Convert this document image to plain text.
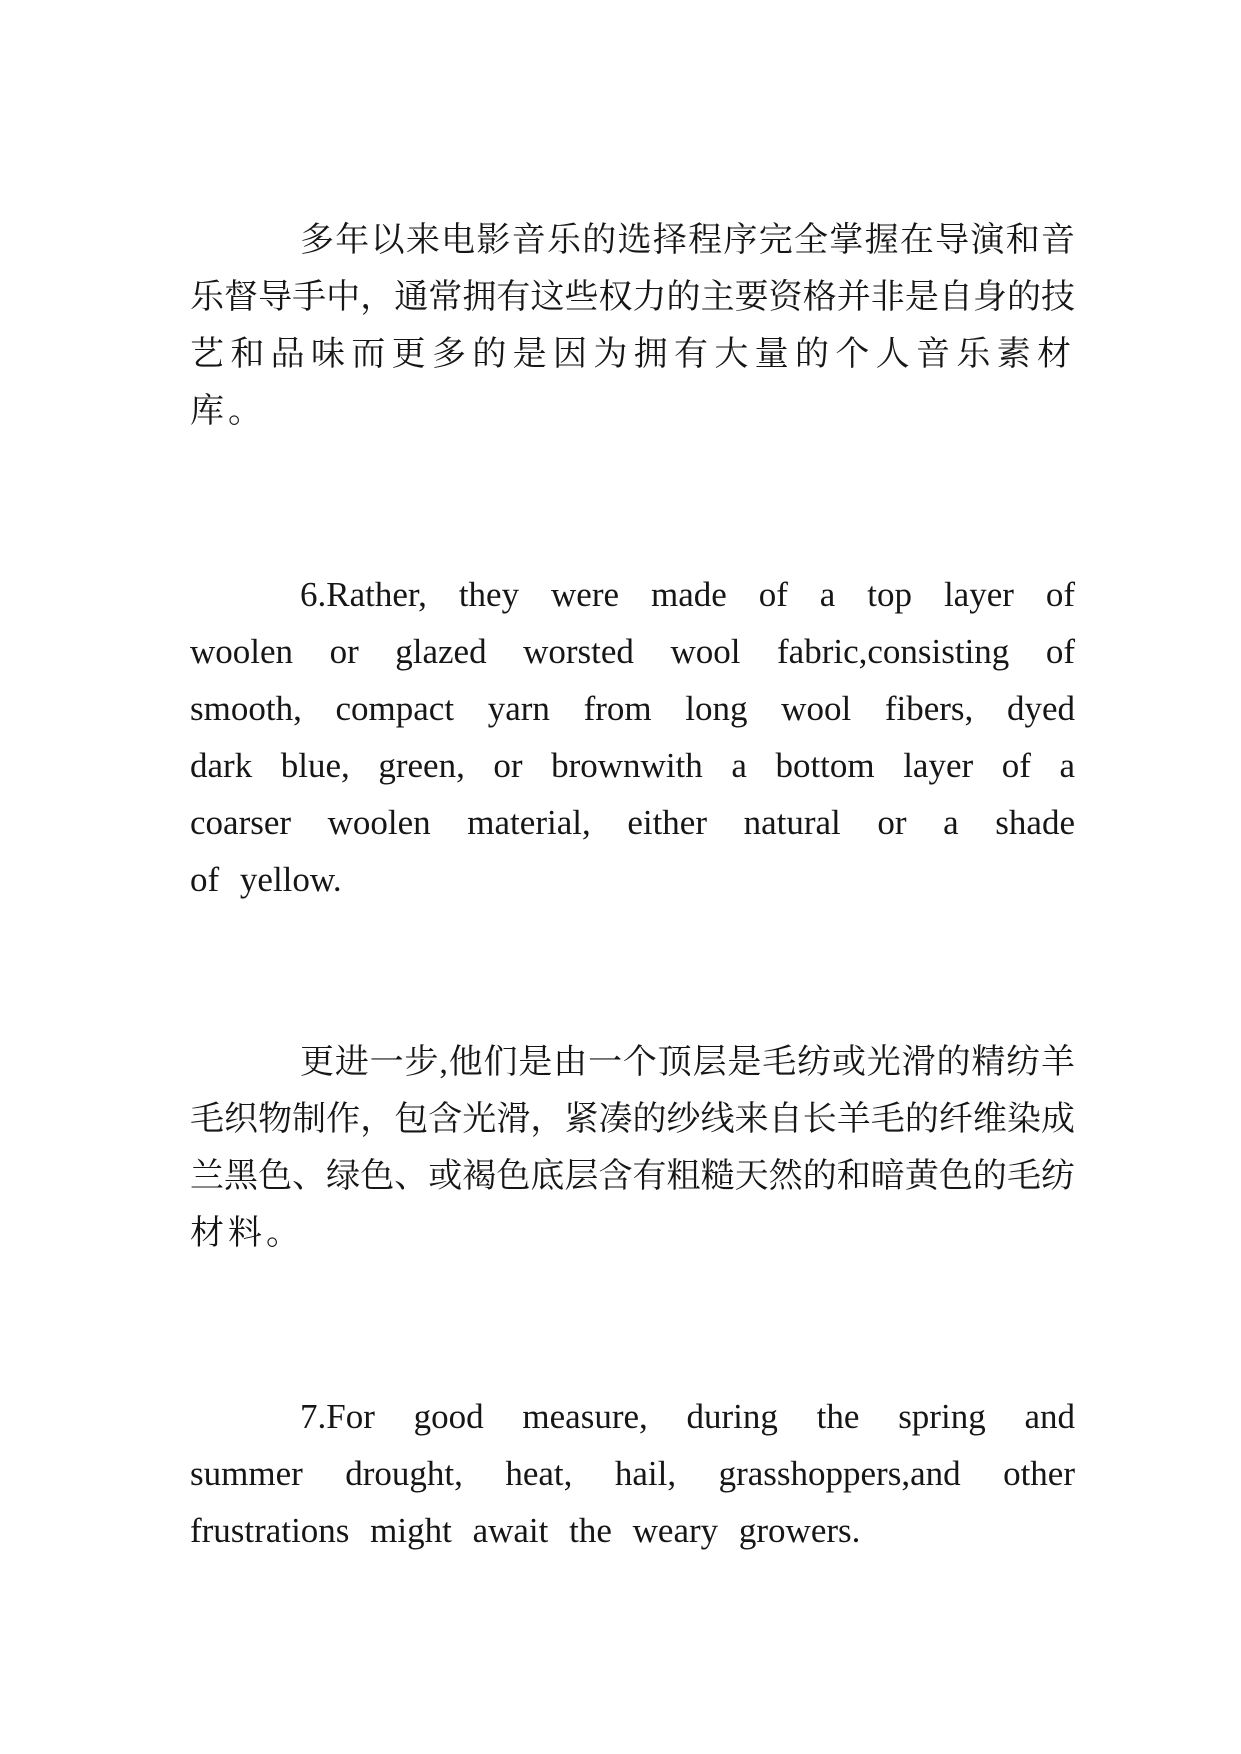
多年以来电影音乐的选择程序完全掌握在导演和音
乐督导手中，通常拥有这些权力的主要资格并非是自身的技
艺和品味而更多的是因为拥有大量的个人音乐素材库。
6.Rather, they were made of a top layer of
woolen or glazed worsted wool fabric,consisting of
smooth, compact yarn from long wool fibers, dyed
dark blue, green, or brownwith a bottom layer of a
coarser woolen material, either natural or a shade
of yellow.
更进一步,他们是由一个顶层是毛纺或光滑的精纺羊
毛织物制作，包含光滑，紧凑的纱线来自长羊毛的纤维染成
兰黑色、绿色、或褐色底层含有粗糙天然的和暗黄色的毛纺
材料。
7.For good measure, during the spring and
summer drought, heat, hail, grasshoppers,and other
frustrations might await the weary growers.
